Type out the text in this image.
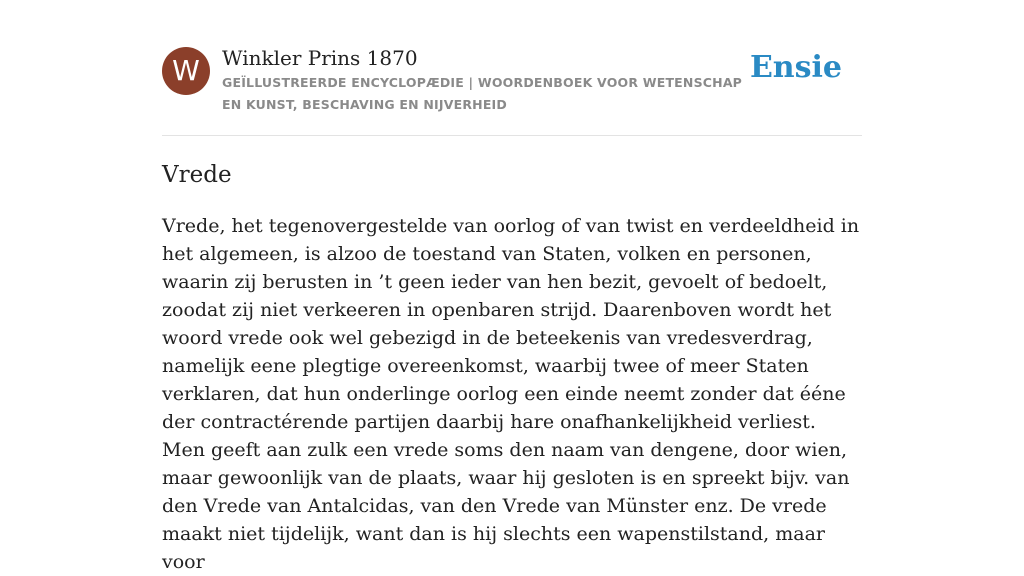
W	Winkler Prins 1870
GEÏLLUSTREERDE ENCYCLOPÆDIE | WOORDENBOEK VOOR WETENSCHAP EN KUNST, BESCHAVING EN NIJVERHEID
Ensie
Vrede

Vrede, het tegenovergestelde van oorlog of van twist en verdeeldheid in het algemeen, is alzoo de toestand van Staten, volken en personen, waarin zij berusten in ’t geen ieder van hen bezit, gevoelt of bedoelt, zoodat zij niet verkeeren in openbaren strijd. Daarenboven wordt het woord vrede ook wel gebezigd in de beteekenis van vredesverdrag, namelijk eene plegtige overeenkomst, waarbij twee of meer Staten verklaren, dat hun onderlinge oorlog een einde neemt zonder dat ééne der contractérende partijen daarbij hare onafhankelijkheid verliest. Men geeft aan zulk een vrede soms den naam van dengene, door wien, maar gewoonlijk van de plaats, waar hij gesloten is en spreekt bijv. van den Vrede van Antalcidas, van den Vrede van Münster enz. De vrede maakt niet tijdelijk, want dan is hij slechts een wapenstilstand, maar voor
